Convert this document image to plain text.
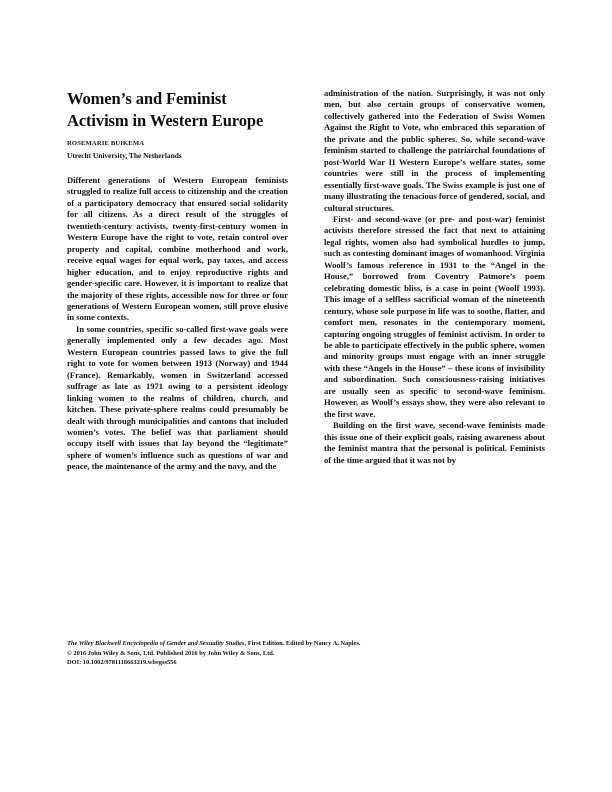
Women’s and Feminist Activism in Western Europe
ROSEMARIE BUIKEMA
Utrecht University, The Netherlands

Different generations of Western European feminists struggled to realize full access to citizenship and the creation of a participatory democracy that ensured social solidarity for all citizens. As a direct result of the struggles of twentieth-century activists, twenty-first-century women in Western Europe have the right to vote, retain control over property and capital, combine motherhood and work, receive equal wages for equal work, pay taxes, and access higher education, and to enjoy reproductive rights and gender-specific care. However, it is important to realize that the majority of these rights, accessible now for three or four generations of Western European women, still prove elusive in some contexts.

In some countries, specific so-called first-wave goals were generally implemented only a few decades ago. Most Western European countries passed laws to give the full right to vote for women between 1913 (Norway) and 1944 (France). Remarkably, women in Switzerland accessed suffrage as late as 1971 owing to a persistent ideology linking women to the realms of children, church, and kitchen. These private-sphere realms could presumably be dealt with through municipalities and cantons that included women’s votes. The belief was that parliament should occupy itself with issues that lay beyond the “legitimate” sphere of women’s influence such as questions of war and peace, the maintenance of the army and the navy, and the

administration of the nation. Surprisingly, it was not only men, but also certain groups of conservative women, collectively gathered into the Federation of Swiss Women Against the Right to Vote, who embraced this separation of the private and the public spheres. So, while second-wave feminism started to challenge the patriarchal foundations of post-World War II Western Europe’s welfare states, some countries were still in the process of implementing essentially first-wave goals. The Swiss example is just one of many illustrating the tenacious force of gendered, social, and cultural structures.

First- and second-wave (or pre- and post-war) feminist activists therefore stressed the fact that next to attaining legal rights, women also had symbolical hurdles to jump, such as contesting dominant images of womanhood. Virginia Woolf’s famous reference in 1931 to the “Angel in the House,” borrowed from Coventry Patmore’s poem celebrating domestic bliss, is a case in point (Woolf 1993). This image of a selfless sacrificial woman of the nineteenth century, whose sole purpose in life was to soothe, flatter, and comfort men, resonates in the contemporary moment, capturing ongoing struggles of feminist activism. In order to be able to participate effectively in the public sphere, women and minority groups must engage with an inner struggle with these “Angels in the House” – these icons of invisibility and subordination. Such consciousness-raising initiatives are usually seen as specific to second-wave feminism. However, as Woolf’s essays show, they were also relevant to the first wave.

Building on the first wave, second-wave feminists made this issue one of their explicit goals, raising awareness about the feminist mantra that the personal is political. Feminists of the time argued that it was not by

The Wiley Blackwell Encyclopedia of Gender and Sexuality Studies, First Edition. Edited by Nancy A. Naples.
© 2016 John Wiley & Sons, Ltd. Published 2016 by John Wiley & Sons, Ltd.
DOI: 10.1002/9781118663219.wbegss556
